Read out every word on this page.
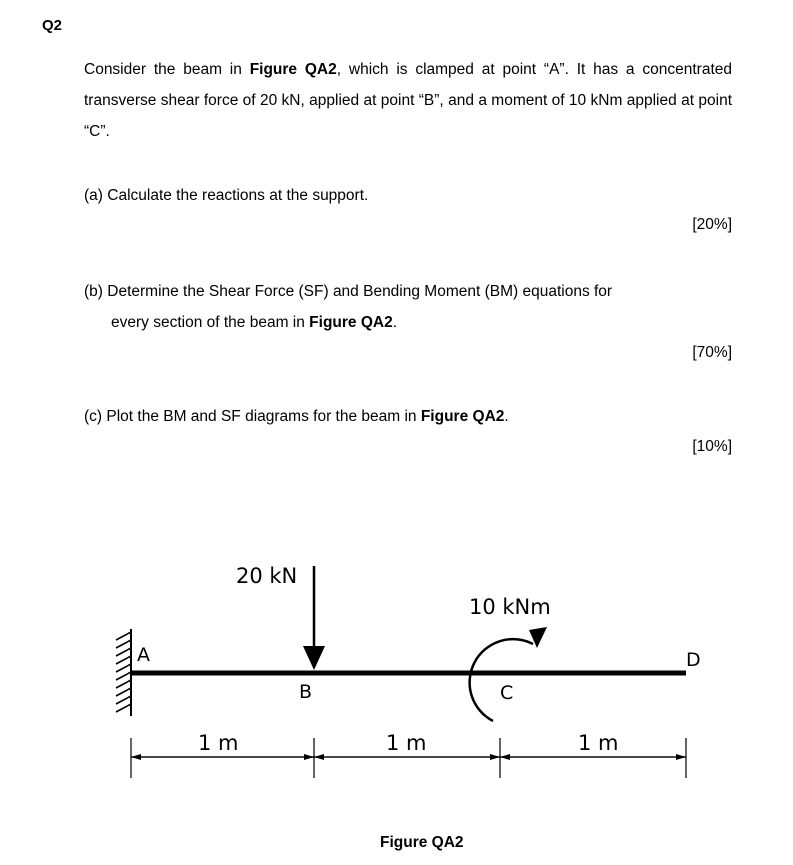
Q2
Consider the beam in Figure QA2, which is clamped at point “A”. It has a concentrated transverse shear force of 20 kN, applied at point “B”, and a moment of 10 kNm applied at point “C”.
(a) Calculate the reactions at the support.
[20%]
(b) Determine the Shear Force (SF) and Bending Moment (BM) equations for
every section of the beam in Figure QA2.
[70%]
(c) Plot the BM and SF diagrams for the beam in Figure QA2.
[10%]
20 kN
10 kNm
A
B	C
D
1 m	1 m	1 m
Figure QA2
